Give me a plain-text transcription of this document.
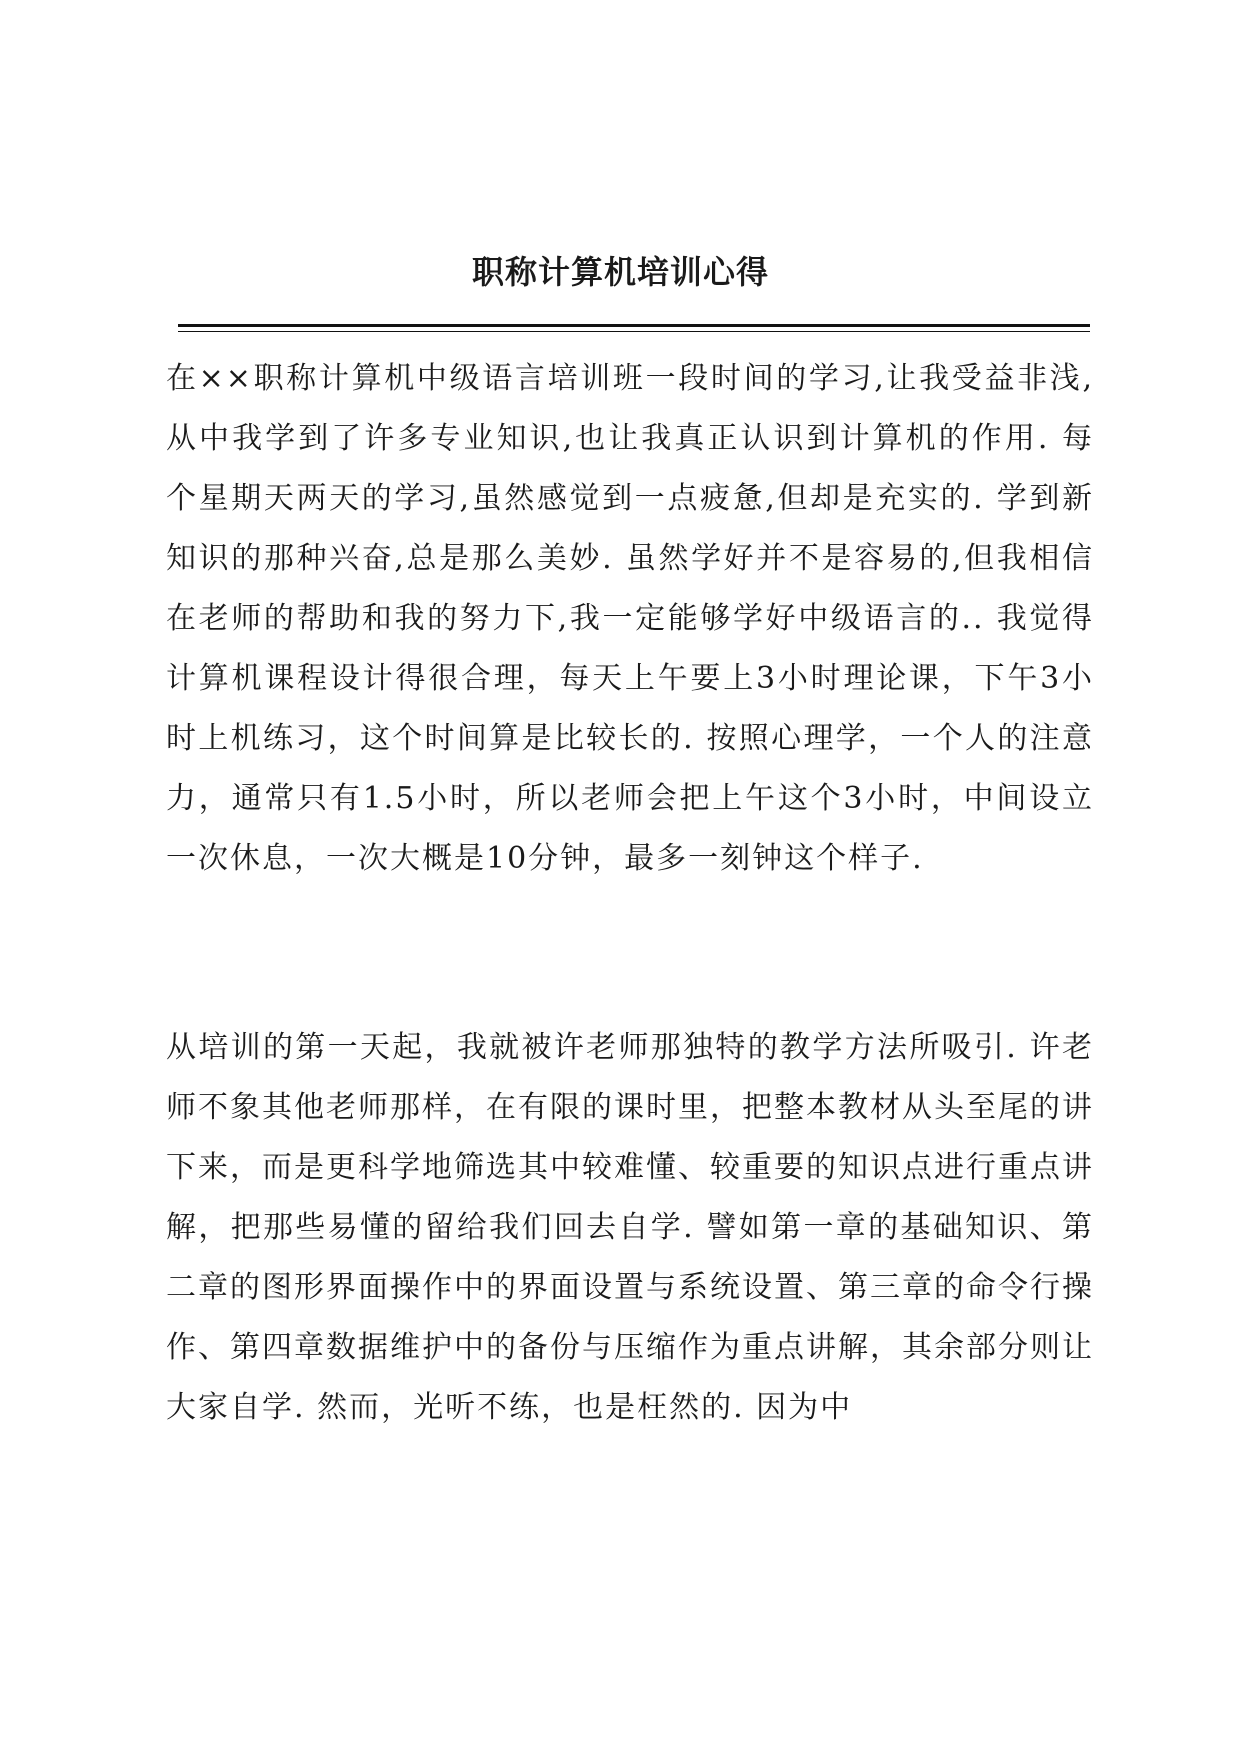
职称计算机培训心得

在××职称计算机中级语言培训班一段时间的学习,让我受益非浅,从中我学到了许多专业知识,也让我真正认识到计算机的作用. 每个星期天两天的学习,虽然感觉到一点疲惫,但却是充实的. 学到新知识的那种兴奋,总是那么美妙. 虽然学好并不是容易的,但我相信在老师的帮助和我的努力下,我一定能够学好中级语言的.. 我觉得计算机课程设计得很合理，每天上午要上3小时理论课，下午3小时上机练习，这个时间算是比较长的. 按照心理学，一个人的注意力，通常只有1.5小时，所以老师会把上午这个3小时，中间设立一次休息，一次大概是10分钟，最多一刻钟这个样子.

从培训的第一天起，我就被许老师那独特的教学方法所吸引. 许老师不象其他老师那样，在有限的课时里，把整本教材从头至尾的讲下来，而是更科学地筛选其中较难懂、较重要的知识点进行重点讲解，把那些易懂的留给我们回去自学. 譬如第一章的基础知识、第二章的图形界面操作中的界面设置与系统设置、第三章的命令行操作、第四章数据维护中的备份与压缩作为重点讲解，其余部分则让大家自学. 然而，光听不练，也是枉然的. 因为中
